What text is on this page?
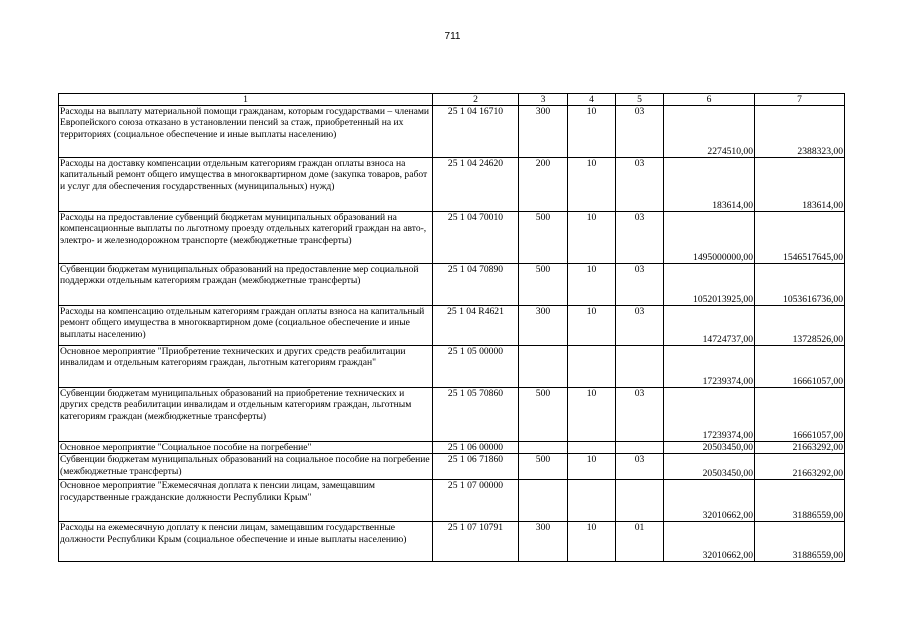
711
1	2	3	4	5	6	7
Расходы на выплату материальной помощи гражданам, которым государствами – членами Европейского союза отказано в установлении пенсий за стаж, приобретенный на их территориях (социальное обеспечение и иные выплаты населению)	25 1 04 16710	300	10	03	2274510,00	2388323,00
Расходы на доставку компенсации отдельным категориям граждан оплаты взноса на капитальный ремонт общего имущества в многоквартирном доме (закупка товаров, работ и услуг для обеспечения государственных (муниципальных) нужд)	25 1 04 24620	200	10	03	183614,00	183614,00
Расходы на предоставление субвенций бюджетам муниципальных образований на компенсационные выплаты по льготному проезду отдельных категорий граждан на авто-, электро- и железнодорожном транспорте (межбюджетные трансферты)	25 1 04 70010	500	10	03	1495000000,00	1546517645,00
Субвенции бюджетам муниципальных образований на предоставление мер социальной поддержки отдельным категориям граждан (межбюджетные трансферты)	25 1 04 70890	500	10	03	1052013925,00	1053616736,00
Расходы на компенсацию отдельным категориям граждан оплаты взноса на капитальный ремонт общего имущества в многоквартирном доме (социальное обеспечение и иные выплаты населению)	25 1 04 R4621	300	10	03	14724737,00	13728526,00
Основное мероприятие "Приобретение технических и других средств реабилитации инвалидам и отдельным категориям граждан, льготным категориям граждан"	25 1 05 00000				17239374,00	16661057,00
Субвенции бюджетам муниципальных образований на приобретение технических и других средств реабилитации инвалидам и отдельным категориям граждан, льготным категориям граждан (межбюджетные трансферты)	25 1 05 70860	500	10	03	17239374,00	16661057,00
Основное мероприятие "Социальное пособие на погребение"	25 1 06 00000				20503450,00	21663292,00
Субвенции бюджетам муниципальных образований на социальное пособие на погребение (межбюджетные трансферты)	25 1 06 71860	500	10	03	20503450,00	21663292,00
Основное мероприятие "Ежемесячная доплата к пенсии лицам, замещавшим государственные гражданские должности Республики Крым"	25 1 07 00000				32010662,00	31886559,00
Расходы на ежемесячную доплату к пенсии лицам, замещавшим государственные должности Республики Крым (социальное обеспечение и иные выплаты населению)	25 1 07 10791	300	10	01	32010662,00	31886559,00
